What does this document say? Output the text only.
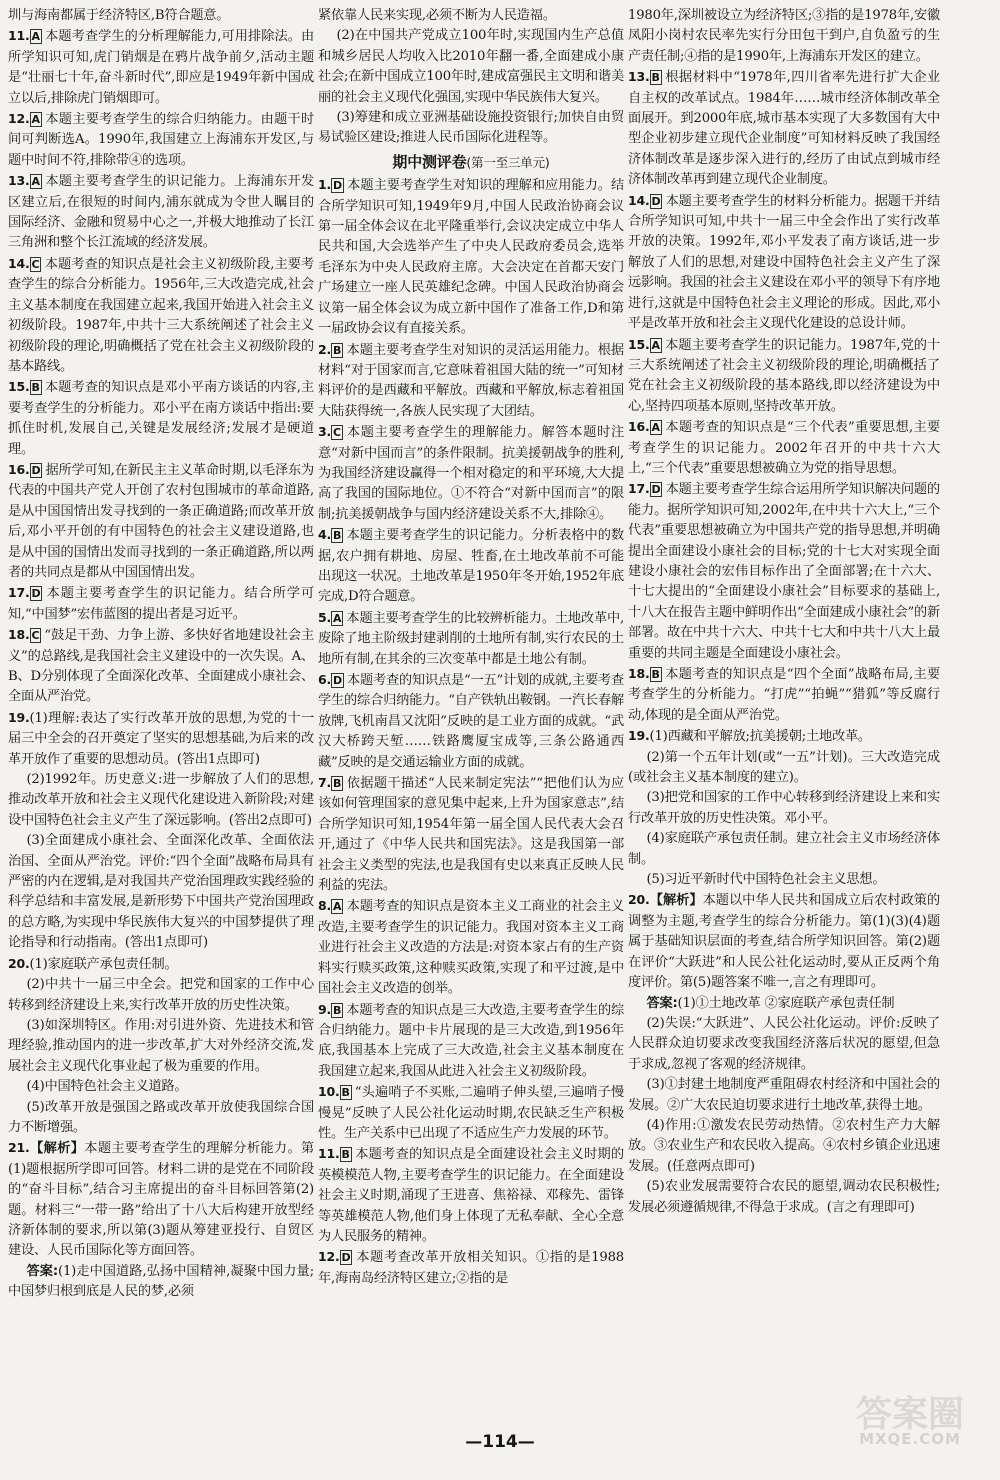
圳与海南都属于经济特区,B符合题意。

11. A 本题考查学生的分析理解能力,可用排除法。由所学知识可知,虎门销烟是在鸦片战争前夕,活动主题是“壮丽七十年,奋斗新时代”,即应是1949年新中国成立以后,排除虎门销烟即可。

12. A 本题主要考查学生的综合归纳能力。由题干时间可判断选A。1990年,我国建立上海浦东开发区,与题中时间不符,排除带④的选项。

13. A 本题主要考查学生的识记能力。上海浦东开发区建立后,在很短的时间内,浦东就成为令世人瞩目的国际经济、金融和贸易中心之一,并极大地推动了长江三角洲和整个长江流域的经济发展。

14. C 本题考查的知识点是社会主义初级阶段,主要考查学生的综合分析能力。1956年,三大改造完成,社会主义基本制度在我国建立起来,我国开始进入社会主义初级阶段。1987年,中共十三大系统阐述了社会主义初级阶段的理论,明确概括了党在社会主义初级阶段的基本路线。

15. B 本题考查的知识点是邓小平南方谈话的内容,主要考查学生的分析能力。邓小平在南方谈话中指出:要抓住时机,发展自己,关键是发展经济;发展才是硬道理。

16. D 据所学可知,在新民主主义革命时期,以毛泽东为代表的中国共产党人开创了农村包围城市的革命道路,是从中国国情出发寻找到的一条正确道路;而改革开放后,邓小平开创的有中国特色的社会主义建设道路,也是从中国的国情出发而寻找到的一条正确道路,所以两者的共同点是都从中国国情出发。

17. D 本题主要考查学生的识记能力。结合所学可知,“中国梦”宏伟蓝图的提出者是习近平。

18. C “鼓足干劲、力争上游、多快好省地建设社会主义”的总路线,是我国社会主义建设中的一次失误。A、B、D分别体现了全面深化改革、全面建成小康社会、全面从严治党。

19.(1)理解:表达了实行改革开放的思想,为党的十一届三中全会的召开奠定了坚实的思想基础,为后来的改革开放作了重要的思想动员。(答出1点即可)

(2)1992年。历史意义:进一步解放了人们的思想,推动改革开放和社会主义现代化建设进入新阶段;对建设中国特色社会主义产生了深远影响。(答出2点即可)

(3)全面建成小康社会、全面深化改革、全面依法治国、全面从严治党。评价:“四个全面”战略布局具有严密的内在逻辑,是对我国共产党治国理政实践经验的科学总结和丰富发展,是新形势下中国共产党治国理政的总方略,为实现中华民族伟大复兴的中国梦提供了理论指导和行动指南。(答出1点即可)

20.(1)家庭联产承包责任制。

(2)中共十一届三中全会。把党和国家的工作中心转移到经济建设上来,实行改革开放的历史性决策。

(3)如深圳特区。作用:对引进外资、先进技术和管理经验,推动国内的进一步改革,扩大对外经济交流,发展社会主义现代化事业起了极为重要的作用。

(4)中国特色社会主义道路。

(5)改革开放是强国之路或改革开放使我国综合国力不断增强。

21.【解析】本题主要考查学生的理解分析能力。第(1)题根据所学即可回答。材料二讲的是党在不同阶段的“奋斗目标”,结合习主席提出的奋斗目标回答第(2)题。材料三“一带一路”给出了十八大后构建开放型经济新体制的要求,所以第(3)题从筹建亚投行、自贸区建设、人民币国际化等方面回答。

答案:(1)走中国道路,弘扬中国精神,凝聚中国力量;中国梦归根到底是人民的梦,必须

紧依靠人民来实现,必须不断为人民造福。

(2)在中国共产党成立100年时,实现国内生产总值和城乡居民人均收入比2010年翻一番,全面建成小康社会;在新中国成立100年时,建成富强民主文明和谐美丽的社会主义现代化强国,实现中华民族伟大复兴。

(3)筹建和成立亚洲基础设施投资银行;加快自由贸易试验区建设;推进人民币国际化进程等。

期中测评卷(第一至三单元)

1. D 本题主要考查学生对知识的理解和应用能力。结合所学知识可知,1949年9月,中国人民政治协商会议第一届全体会议在北平隆重举行,会议决定成立中华人民共和国,大会选举产生了中央人民政府委员会,选举毛泽东为中央人民政府主席。大会决定在首都天安门广场建立一座人民英雄纪念碑。中国人民政治协商会议第一届全体会议为成立新中国作了准备工作,D和第一届政协会议有直接关系。

2. B 本题主要考查学生对知识的灵活运用能力。根据材料“对于国家而言,它意味着祖国大陆的统一”可知材料评价的是西藏和平解放。西藏和平解放,标志着祖国大陆获得统一,各族人民实现了大团结。

3. C 本题主要考查学生的理解能力。解答本题时注意“对新中国而言”的条件限制。抗美援朝战争的胜利,为我国经济建设赢得一个相对稳定的和平环境,大大提高了我国的国际地位。①不符合“对新中国而言”的限制;抗美援朝战争与国内经济建设关系不大,排除④。

4. B 本题主要考查学生的识记能力。分析表格中的数据,农户拥有耕地、房屋、牲畜,在土地改革前不可能出现这一状况。土地改革是1950年冬开始,1952年底完成,D符合题意。

5. A 本题主要考查学生的比较辨析能力。土地改革中,废除了地主阶级封建剥削的土地所有制,实行农民的土地所有制,在其余的三次变革中都是土地公有制。

6. D 本题考查的知识点是“一五”计划的成就,主要考查学生的综合归纳能力。“自产铁轨出鞍钢。一汽长春解放牌,飞机南昌又沈阳”反映的是工业方面的成就。“武汉大桥跨天堑……铁路鹰厦宝成等,三条公路通西藏”反映的是交通运输业方面的成就。

7. B 依据题干描述“人民来制定宪法”“把他们认为应该如何管理国家的意见集中起来,上升为国家意志”,结合所学知识可知,1954年第一届全国人民代表大会召开,通过了《中华人民共和国宪法》。这是我国第一部社会主义类型的宪法,也是我国有史以来真正反映人民利益的宪法。

8. A 本题考查的知识点是资本主义工商业的社会主义改造,主要考查学生的识记能力。我国对资本主义工商业进行社会主义改造的方法是:对资本家占有的生产资料实行赎买政策,这种赎买政策,实现了和平过渡,是中国社会主义改造的创举。

9. B 本题考查的知识点是三大改造,主要考查学生的综合归纳能力。题中卡片展现的是三大改造,到1956年底,我国基本上完成了三大改造,社会主义基本制度在我国建立起来,我国从此进入社会主义初级阶段。

10. B “头遍哨子不买账,二遍哨子伸头望,三遍哨子慢慢晃”反映了人民公社化运动时期,农民缺乏生产积极性。生产关系中已出现了不适应生产力发展的环节。

11. B 本题考查的知识点是全面建设社会主义时期的英模模范人物,主要考查学生的识记能力。在全面建设社会主义时期,涌现了王进喜、焦裕禄、邓稼先、雷锋等英雄模范人物,他们身上体现了无私奉献、全心全意为人民服务的精神。

12. D 本题考查改革开放相关知识。①指的是1988年,海南岛经济特区建立;②指的是

1980年,深圳被设立为经济特区;③指的是1978年,安徽凤阳小岗村农民率先实行分田包干到户,自负盈亏的生产责任制;④指的是1990年,上海浦东开发区的建立。

13. B 根据材料中“1978年,四川省率先进行扩大企业自主权的改革试点。1984年……城市经济体制改革全面展开。到2000年底,城市基本实现了大多数国有大中型企业初步建立现代企业制度”可知材料反映了我国经济体制改革是逐步深入进行的,经历了由试点到城市经济体制改革再到建立现代企业制度。

14. D 本题主要考查学生的材料分析能力。据题干并结合所学知识可知,中共十一届三中全会作出了实行改革开放的决策。1992年,邓小平发表了南方谈话,进一步解放了人们的思想,对建设中国特色社会主义产生了深远影响。我国的社会主义建设在邓小平的领导下有序地进行,这就是中国特色社会主义理论的形成。因此,邓小平是改革开放和社会主义现代化建设的总设计师。

15. A 本题主要考查学生的识记能力。1987年,党的十三大系统阐述了社会主义初级阶段的理论,明确概括了党在社会主义初级阶段的基本路线,即以经济建设为中心,坚持四项基本原则,坚持改革开放。

16. A 本题考查的知识点是“三个代表”重要思想,主要考查学生的识记能力。2002年召开的中共十六大上,“三个代表”重要思想被确立为党的指导思想。

17. D 本题主要考查学生综合运用所学知识解决问题的能力。据所学知识可知,2002年,在中共十六大上,“三个代表”重要思想被确立为中国共产党的指导思想,并明确提出全面建设小康社会的目标;党的十七大对实现全面建设小康社会的宏伟目标作出了全面部署;在十六大、十七大提出的“全面建设小康社会”目标要求的基础上,十八大在报告主题中鲜明作出“全面建成小康社会”的新部署。故在中共十六大、中共十七大和中共十八大上最重要的共同主题是全面建设小康社会。

18. B 本题考查的知识点是“四个全面”战略布局,主要考查学生的分析能力。“打虎”“拍蝇”“猎狐”等反腐行动,体现的是全面从严治党。

19.(1)西藏和平解放;抗美援朝;土地改革。

(2)第一个五年计划(或“一五”计划)。三大改造完成(或社会主义基本制度的建立)。

(3)把党和国家的工作中心转移到经济建设上来和实行改革开放的历史性决策。邓小平。

(4)家庭联产承包责任制。建立社会主义市场经济体制。

(5)习近平新时代中国特色社会主义思想。

20.【解析】本题以中华人民共和国成立后农村政策的调整为主题,考查学生的综合分析能力。第(1)(3)(4)题属于基础知识层面的考查,结合所学知识回答。第(2)题在评价“大跃进”和人民公社化运动时,要从正反两个角度评价。第(5)题答案不唯一,言之有理即可。

答案:(1)①土地改革 ②家庭联产承包责任制

(2)失误:“大跃进”、人民公社化运动。评价:反映了人民群众迫切要求改变我国经济落后状况的愿望,但急于求成,忽视了客观的经济规律。

(3)①封建土地制度严重阻碍农村经济和中国社会的发展。②广大农民迫切要求进行土地改革,获得土地。

(4)作用:①激发农民劳动热情。②农村生产力大解放。③农业生产和农民收入提高。④农村乡镇企业迅速发展。(任意两点即可)

(5)农业发展需要符合农民的愿望,调动农民积极性;发展必须遵循规律,不得急于求成。(言之有理即可)

—114—
答案圈
MXQE.COM
